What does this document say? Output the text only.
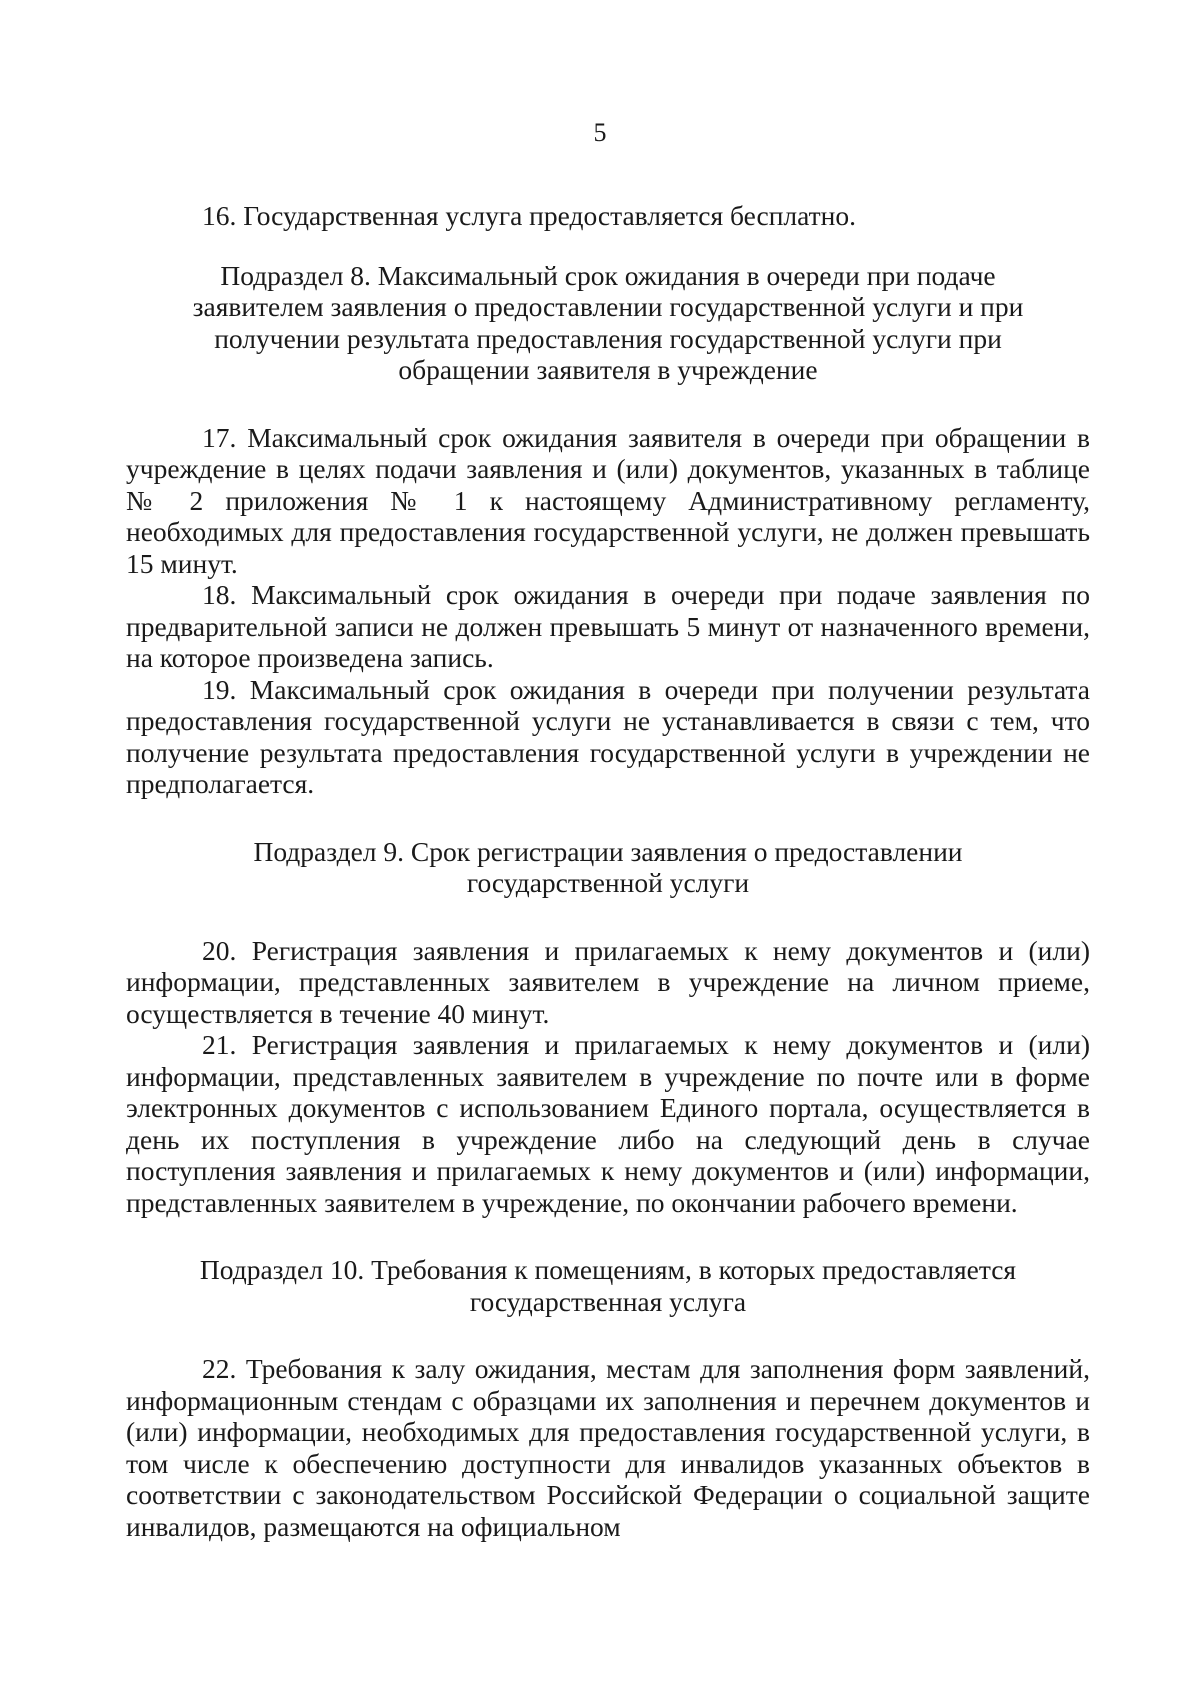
5

16. Государственная услуга предоставляется бесплатно.

Подраздел 8. Максимальный срок ожидания в очереди при подаче заявителем заявления о предоставлении государственной услуги и при получении результата предоставления государственной услуги при обращении заявителя в учреждение

17. Максимальный срок ожидания заявителя в очереди при обращении в учреждение в целях подачи заявления и (или) документов, указанных в таблице № 2 приложения № 1 к настоящему Административному регламенту, необходимых для предоставления государственной услуги, не должен превышать 15 минут.

18. Максимальный срок ожидания в очереди при подаче заявления по предварительной записи не должен превышать 5 минут от назначенного времени, на которое произведена запись.

19. Максимальный срок ожидания в очереди при получении результата предоставления государственной услуги не устанавливается в связи с тем, что получение результата предоставления государственной услуги в учреждении не предполагается.

Подраздел 9. Срок регистрации заявления о предоставлении государственной услуги

20. Регистрация заявления и прилагаемых к нему документов и (или) информации, представленных заявителем в учреждение на личном приеме, осуществляется в течение 40 минут.

21. Регистрация заявления и прилагаемых к нему документов и (или) информации, представленных заявителем в учреждение по почте или в форме электронных документов с использованием Единого портала, осуществляется в день их поступления в учреждение либо на следующий день в случае поступления заявления и прилагаемых к нему документов и (или) информации, представленных заявителем в учреждение, по окончании рабочего времени.

Подраздел 10. Требования к помещениям, в которых предоставляется государственная услуга

22. Требования к залу ожидания, местам для заполнения форм заявлений, информационным стендам с образцами их заполнения и перечнем документов и (или) информации, необходимых для предоставления государственной услуги, в том числе к обеспечению доступности для инвалидов указанных объектов в соответствии с законодательством Российской Федерации о социальной защите инвалидов, размещаются на официальном
